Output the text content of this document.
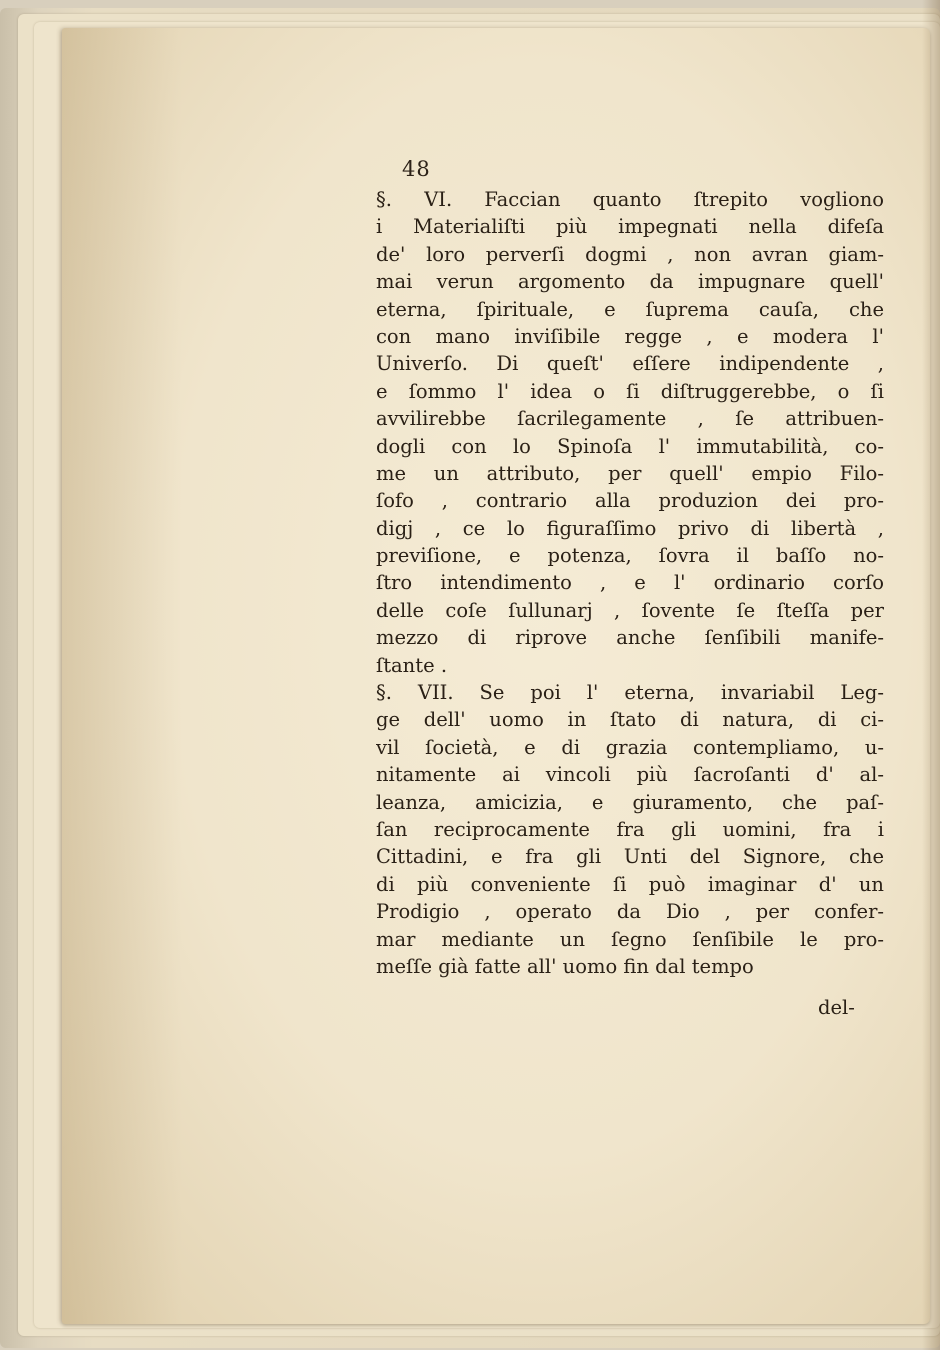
48
§. VI. Faccian quanto ſtrepito vogliono
i Materialiſti più impegnati nella difeſa
de' loro perverſi dogmi , non avran giam-
mai verun argomento da impugnare quell'
eterna, ſpirituale, e ſuprema cauſa, che
con mano inviſibile regge , e modera l'
Univerſo. Di queſt' eſſere indipendente ,
e ſommo l' idea o ſi diſtruggerebbe, o ſi
avvilirebbe ſacrilegamente , ſe attribuen-
dogli con lo Spinoſa l' immutabilità, co-
me un attributo, per quell' empio Filo-
ſofo , contrario alla produzion dei pro-
digj , ce lo figuraſſimo privo di libertà ,
previſione, e potenza, ſovra il baſſo no-
ſtro intendimento , e l' ordinario corſo
delle coſe ſullunarj , ſovente ſe ſteſſa per
mezzo di riprove anche ſenſibili manife-
ſtante .
§. VII. Se poi l' eterna, invariabil Leg-
ge dell' uomo in ſtato di natura, di ci-
vil ſocietà, e di grazia contempliamo, u-
nitamente ai vincoli più ſacroſanti d' al-
leanza, amicizia, e giuramento, che paſ-
ſan reciprocamente fra gli uomini, fra i
Cittadini, e fra gli Unti del Signore, che
di più conveniente ſi può imaginar d' un
Prodigio , operato da Dio , per confer-
mar mediante un ſegno ſenſibile le pro-
meſſe già fatte all' uomo fin dal tempo
del-
